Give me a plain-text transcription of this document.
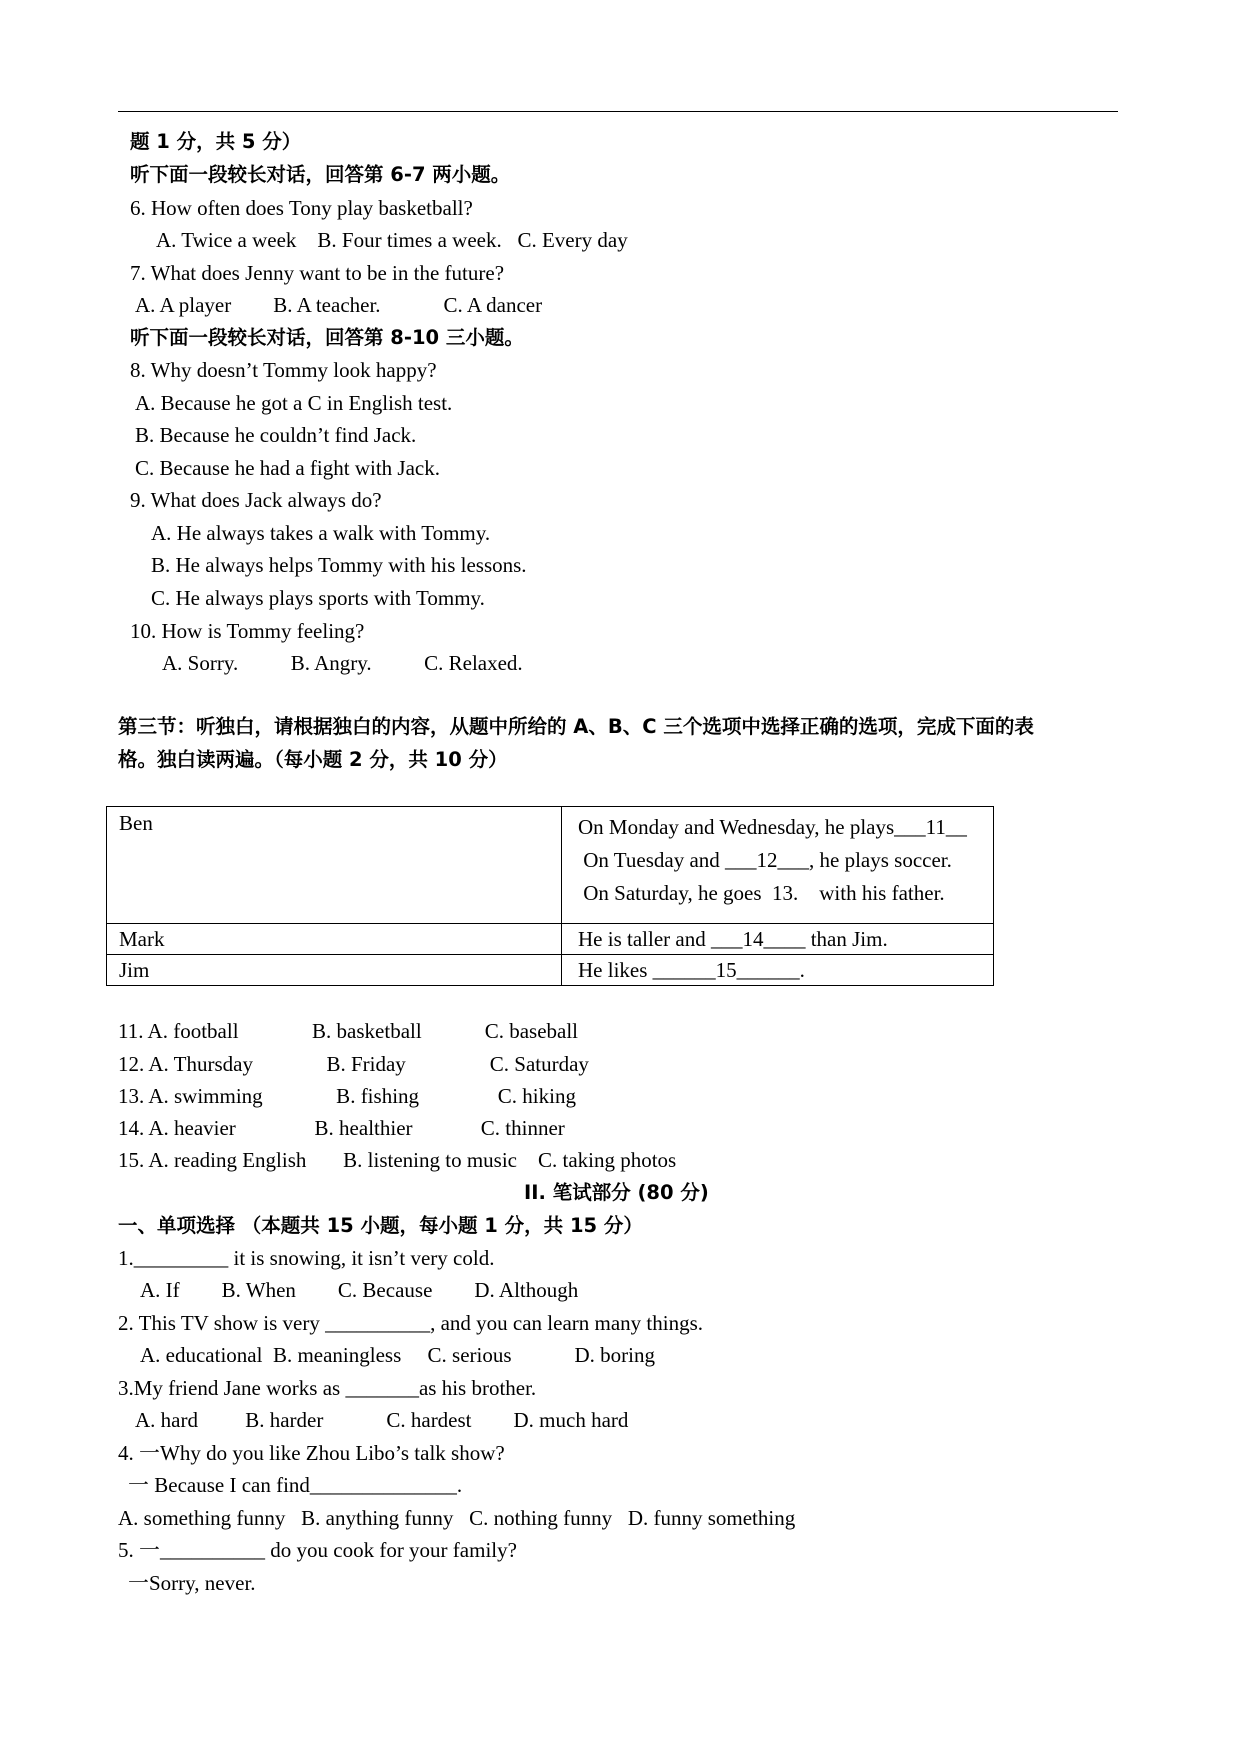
题 1 分，共 5 分）
听下面一段较长对话，回答第 6-7 两小题。
6. How often does Tony play basketball?
A. Twice a week    B. Four times a week.   C. Every day
7. What does Jenny want to be in the future?
A. A player        B. A teacher.            C. A dancer
听下面一段较长对话，回答第 8-10 三小题。
8. Why doesn’t Tommy look happy?
A. Because he got a C in English test.
B. Because he couldn’t find Jack.
C. Because he had a fight with Jack.
9. What does Jack always do?
A. He always takes a walk with Tommy.
B. He always helps Tommy with his lessons.
C. He always plays sports with Tommy.
10. How is Tommy feeling?
A. Sorry.          B. Angry.          C. Relaxed.
第三节：听独白，请根据独白的内容，从题中所给的 A、B、C 三个选项中选择正确的选项，完成下面的表
格。独白读两遍。（每小题 2 分，共 10 分）
Ben	On Monday and Wednesday, he plays___11__
On Tuesday and ___12___, he plays soccer.
On Saturday, he goes  13.    with his father.

Mark	He is taller and ___14____ than Jim.
Jim	He likes ______15______.
11. A. football              B. basketball            C. baseball
12. A. Thursday              B. Friday                C. Saturday
13. A. swimming              B. fishing               C. hiking
14. A. heavier               B. healthier             C. thinner
15. A. reading English       B. listening to music    C. taking photos
II. 笔试部分 (80 分)
一、单项选择 （本题共 15 小题，每小题 1 分，共 15 分）
1._________ it is snowing, it isn’t very cold.
A. If        B. When        C. Because        D. Although
2. This TV show is very __________, and you can learn many things.
A. educational  B. meaningless     C. serious            D. boring
3.My friend Jane works as _______as his brother.
A. hard         B. harder            C. hardest        D. much hard
4. 一Why do you like Zhou Libo’s talk show?
一 Because I can find______________.
A. something funny   B. anything funny   C. nothing funny   D. funny something
5. 一__________ do you cook for your family?
一Sorry, never.
